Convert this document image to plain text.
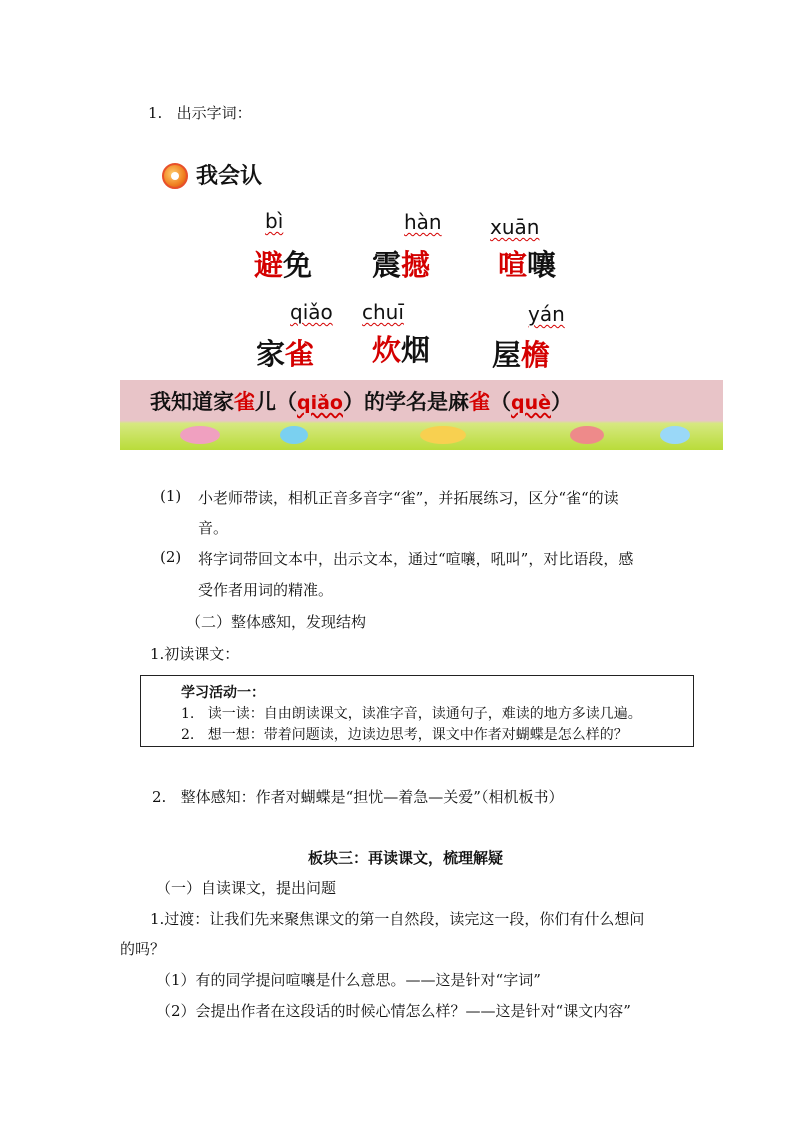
1. 出示字词：
我会认
bì
避免
hàn
震撼
xuān
喧嚷
qiǎo
家雀
chuī
炊烟
yán
屋檐
我知道家雀儿（qiǎo）的学名是麻雀（què）
(1) 小老师带读，相机正音多音字“雀”，并拓展练习，区分“雀“的读
音。
(2) 将字词带回文本中，出示文本，通过“喧嚷，吼叫”，对比语段，感
受作者用词的精准。
（二）整体感知，发现结构
1.初读课文：
学习活动一：
1. 读一读：自由朗读课文，读准字音，读通句子，难读的地方多读几遍。
2. 想一想：带着问题读，边读边思考，课文中作者对蝴蝶是怎么样的？
2. 整体感知：作者对蝴蝶是“担忧—着急—关爱”（相机板书）
板块三：再读课文，梳理解疑
（一）自读课文，提出问题
1.过渡：让我们先来聚焦课文的第一自然段，读完这一段，你们有什么想问
的吗？
（1）有的同学提问喧嚷是什么意思。——这是针对“字词”
（2）会提出作者在这段话的时候心情怎么样？——这是针对“课文内容”
